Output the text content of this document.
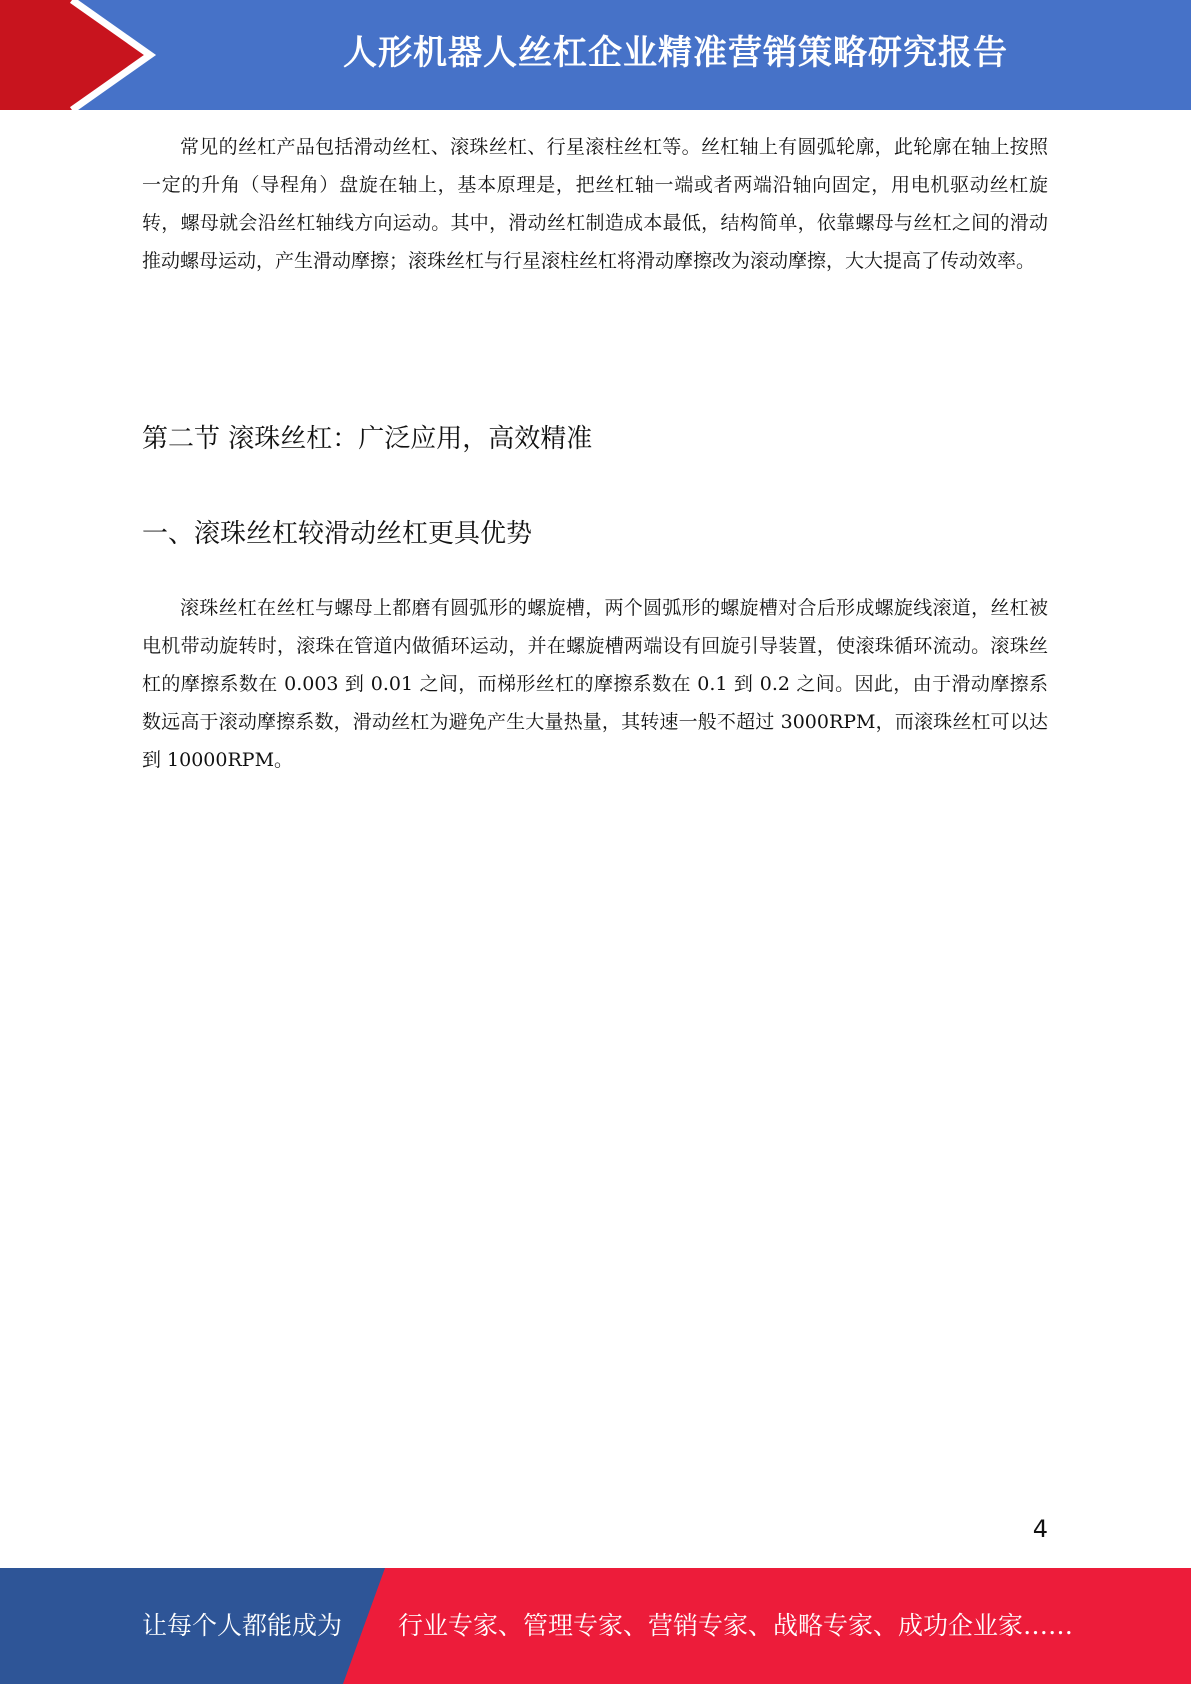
人形机器人丝杠企业精准营销策略研究报告

常见的丝杠产品包括滑动丝杠、滚珠丝杠、行星滚柱丝杠等。丝杠轴上有圆弧轮廓，此轮廓在轴上按照一定的升角（导程角）盘旋在轴上，基本原理是，把丝杠轴一端或者两端沿轴向固定，用电机驱动丝杠旋转，螺母就会沿丝杠轴线方向运动。其中，滑动丝杠制造成本最低，结构简单，依靠螺母与丝杠之间的滑动推动螺母运动，产生滑动摩擦；滚珠丝杠与行星滚柱丝杠将滑动摩擦改为滚动摩擦，大大提高了传动效率。

第二节 滚珠丝杠：广泛应用，高效精准
一、滚珠丝杠较滑动丝杠更具优势

滚珠丝杠在丝杠与螺母上都磨有圆弧形的螺旋槽，两个圆弧形的螺旋槽对合后形成螺旋线滚道，丝杠被电机带动旋转时，滚珠在管道内做循环运动，并在螺旋槽两端设有回旋引导装置，使滚珠循环流动。滚珠丝杠的摩擦系数在 0.003 到 0.01 之间，而梯形丝杠的摩擦系数在 0.1 到 0.2 之间。因此，由于滑动摩擦系数远高于滚动摩擦系数，滑动丝杠为避免产生大量热量，其转速一般不超过 3000RPM，而滚珠丝杠可以达到 10000RPM。

4
让每个人都能成为 行业专家、管理专家、营销专家、战略专家、成功企业家……
